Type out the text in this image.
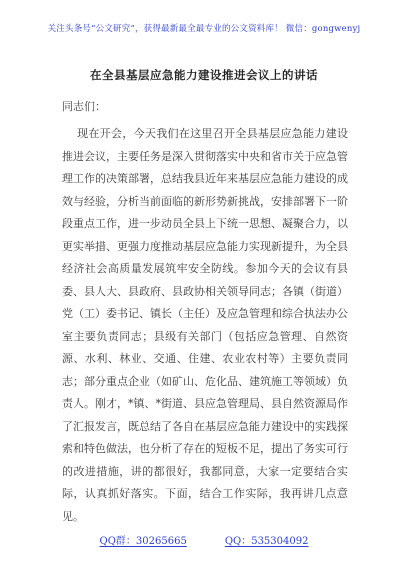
关注头条号“公文研究”，获得最新最全最专业的公文资料库！ 微信：gongwenyj
在全县基层应急能力建设推进会议上的讲话
同志们：
现在开会，今天我们在这里召开全县基层应急能力建设推进会议，主要任务是深入贯彻落实中央和省市关于应急管理工作的决策部署，总结我县近年来基层应急能力建设的成效与经验，分析当前面临的新形势新挑战，安排部署下一阶段重点工作，进一步动员全县上下统一思想、凝聚合力，以更实举措、更强力度推动基层应急能力实现新提升，为全县经济社会高质量发展筑牢安全防线。参加今天的会议有县委、县人大、县政府、县政协相关领导同志；各镇（街道）党（工）委书记、镇长（主任）及应急管理和综合执法办公室主要负责同志；县级有关部门（包括应急管理、自然资源、水利、林业、交通、住建、农业农村等）主要负责同志；部分重点企业（如矿山、危化品、建筑施工等领域）负责人。刚才，*镇、*街道、县应急管理局、县自然资源局作了汇报发言，既总结了各自在基层应急能力建设中的实践探索和特色做法，也分析了存在的短板不足，提出了务实可行的改进措施，讲的都很好，我都同意，大家一定要结合实际，认真抓好落实。下面，结合工作实际，我再讲几点意见。
QQ群：30265665	QQ：535304092
